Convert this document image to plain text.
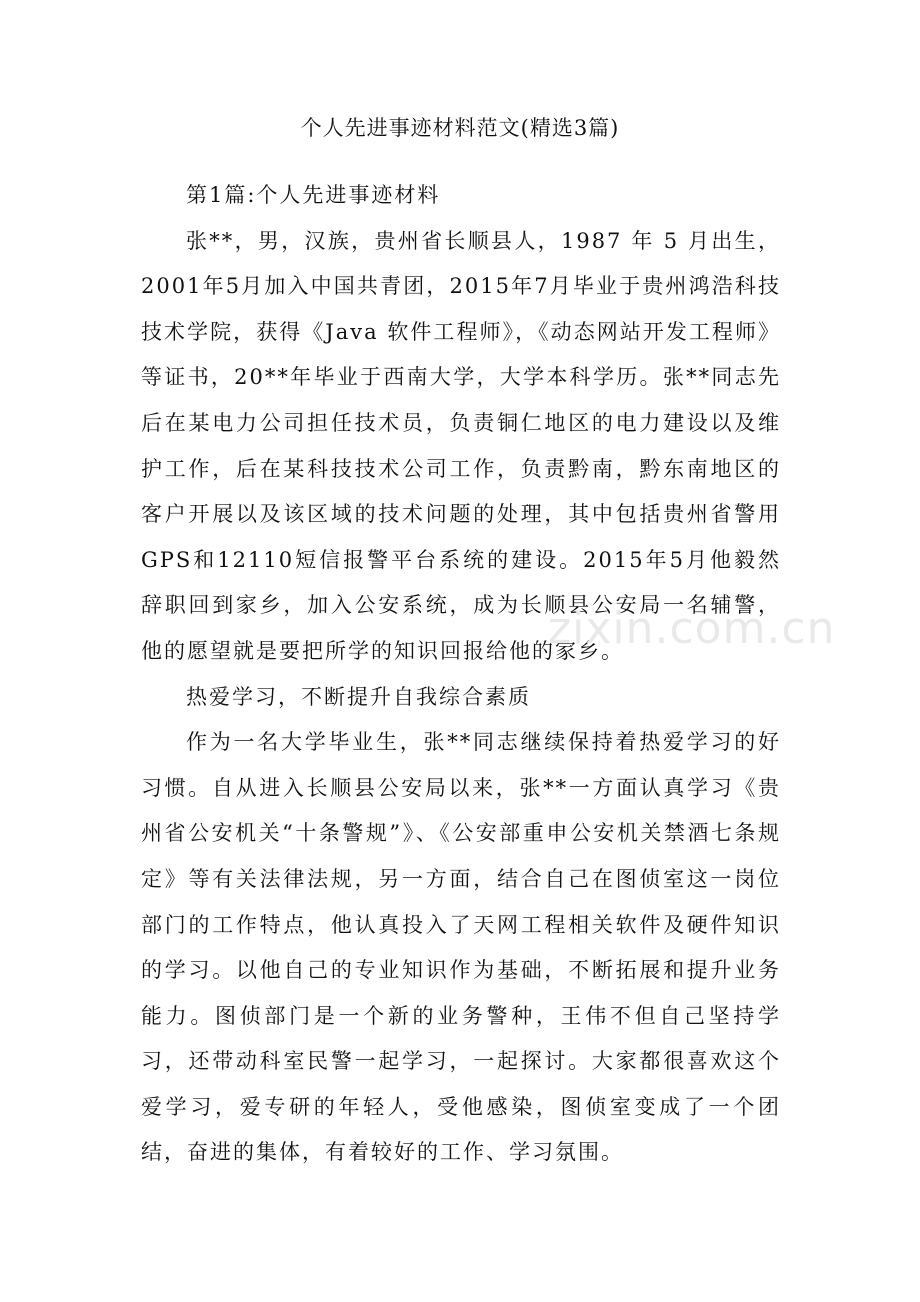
个人先进事迹材料范文(精选3篇)

第1篇:个人先进事迹材料

张**，男，汉族，贵州省长顺县人，1987 年 5 月出生，2001年5月加入中国共青团，2015年7月毕业于贵州鸿浩科技技术学院，获得《Java 软件工程师》，《动态网站开发工程师》等证书，20**年毕业于西南大学，大学本科学历。张**同志先后在某电力公司担任技术员，负责铜仁地区的电力建设以及维护工作，后在某科技技术公司工作，负责黔南，黔东南地区的客户开展以及该区域的技术问题的处理，其中包括贵州省警用GPS和12110短信报警平台系统的建设。2015年5月他毅然辞职回到家乡，加入公安系统，成为长顺县公安局一名辅警，他的愿望就是要把所学的知识回报给他的家乡。

热爱学习，不断提升自我综合素质

作为一名大学毕业生，张**同志继续保持着热爱学习的好习惯。自从进入长顺县公安局以来，张**一方面认真学习《贵州省公安机关“十条警规”》、《公安部重申公安机关禁酒七条规定》等有关法律法规，另一方面，结合自己在图侦室这一岗位部门的工作特点，他认真投入了天网工程相关软件及硬件知识的学习。以他自己的专业知识作为基础，不断拓展和提升业务能力。图侦部门是一个新的业务警种，王伟不但自己坚持学习，还带动科室民警一起学习，一起探讨。大家都很喜欢这个爱学习，爱专研的年轻人，受他感染，图侦室变成了一个团结，奋进的集体，有着较好的工作、学习氛围。

zixin.com.cn
